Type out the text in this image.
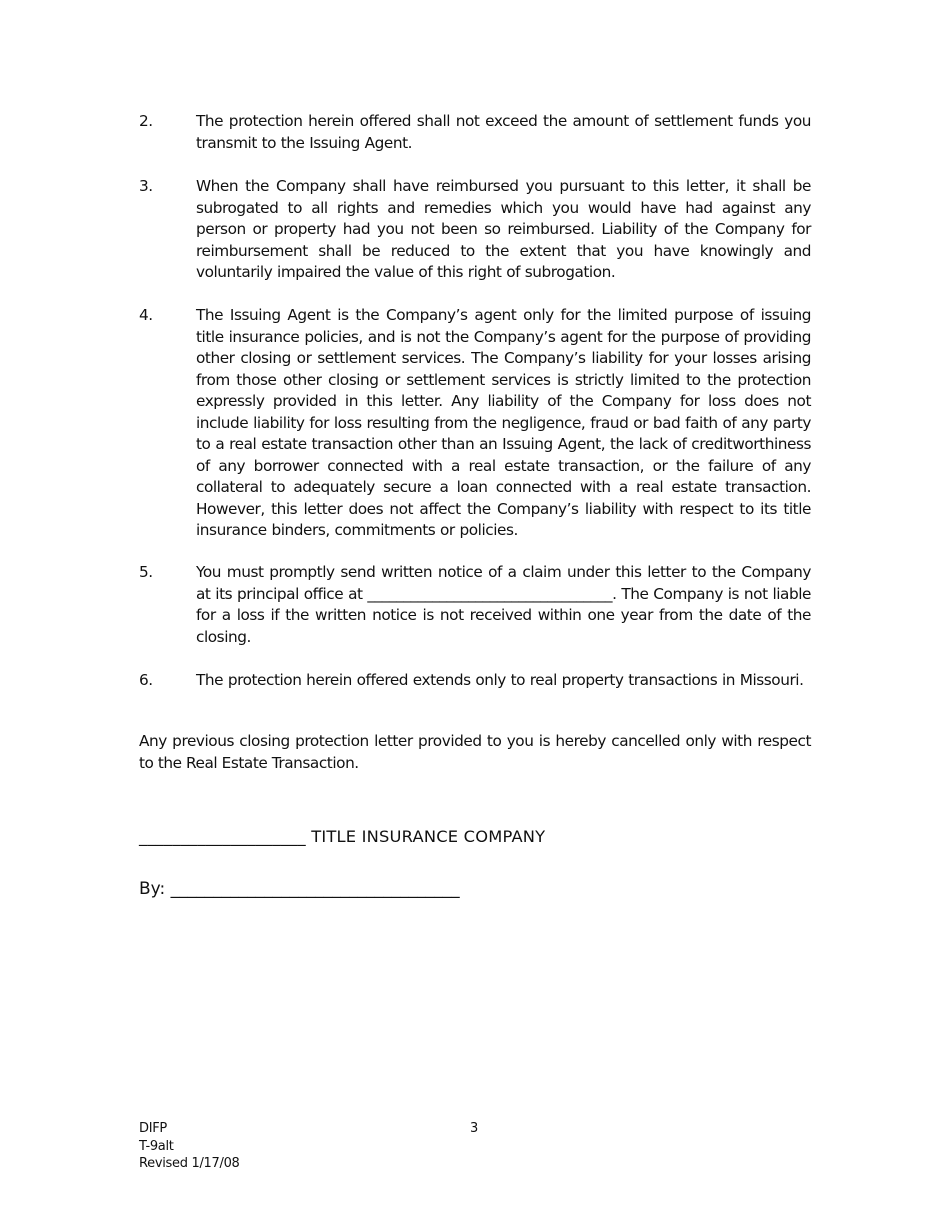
2.	The protection herein offered shall not exceed the amount of settlement funds you transmit to the Issuing Agent.
3.	When the Company shall have reimbursed you pursuant to this letter, it shall be subrogated to all rights and remedies which you would have had against any person or property had you not been so reimbursed. Liability of the Company for reimbursement shall be reduced to the extent that you have knowingly and voluntarily impaired the value of this right of subrogation.
4.	The Issuing Agent is the Company’s agent only for the limited purpose of issuing title insurance policies, and is not the Company’s agent for the purpose of providing other closing or settlement services. The Company’s liability for your losses arising from those other closing or settlement services is strictly limited to the protection expressly provided in this letter. Any liability of the Company for loss does not include liability for loss resulting from the negligence, fraud or bad faith of any party to a real estate transaction other than an Issuing Agent, the lack of creditworthiness of any borrower connected with a real estate transaction, or the failure of any collateral to adequately secure a loan connected with a real estate transaction. However, this letter does not affect the Company’s liability with respect to its title insurance binders, commitments or policies.
5.	You must promptly send written notice of a claim under this letter to the Company at its principal office at __________________________________. The Company is not liable for a loss if the written notice is not received within one year from the date of the closing.
6.	The protection herein offered extends only to real property transactions in Missouri.
Any previous closing protection letter provided to you is hereby cancelled only with respect to the Real Estate Transaction.
____________________ TITLE INSURANCE COMPANY
By: __________________________________
DIFP
T-9alt
Revised 1/17/08
3
